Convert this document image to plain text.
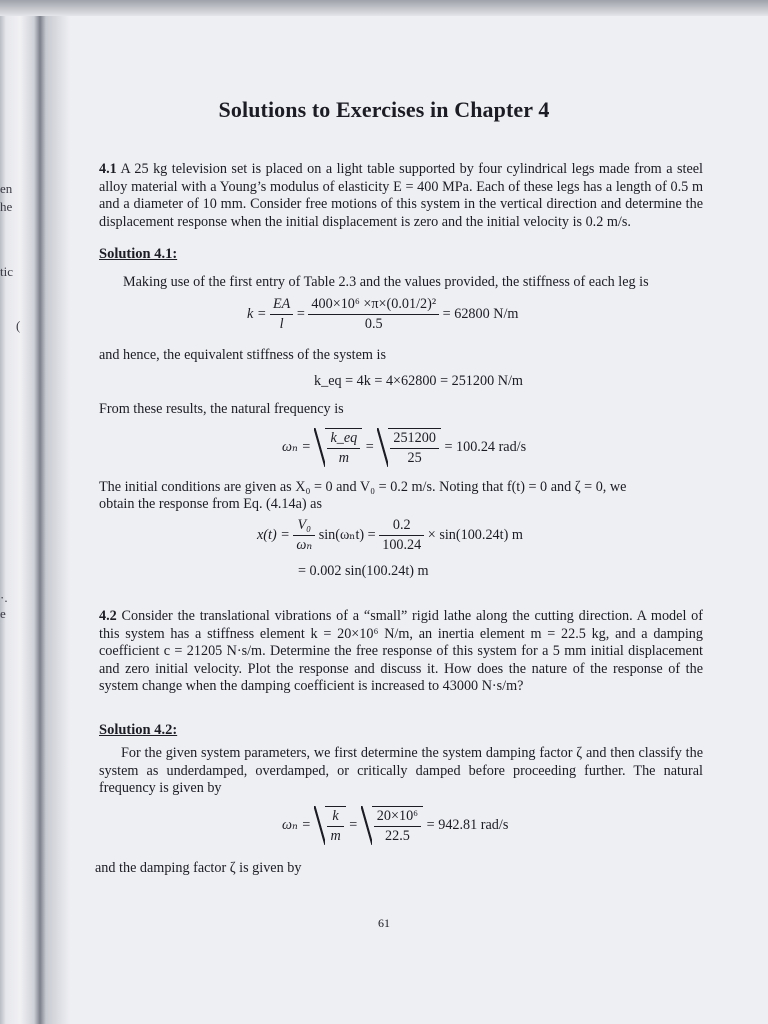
en
he
tic
(
·.
e
Solutions to Exercises in Chapter 4

4.1 A 25 kg television set is placed on a light table supported by four cylindrical legs made from a steel alloy material with a Young’s modulus of elasticity E = 400 MPa. Each of these legs has a length of 0.5 m and a diameter of 10 mm. Consider free motions of this system in the vertical direction and determine the displacement response when the initial displacement is zero and the initial velocity is 0.2 m/s.

Solution 4.1:
Making use of the first entry of Table 2.3 and the values provided, the stiffness of each leg is
$k = \frac{EA}{l} = \frac{\text{400×10⁶ ×π×(0.01/2)²}}{0.5} = 62800$ N/m
and hence, the equivalent stiffness of the system is
k_eq = 4k = 4×62800 = 251200 N/m
From these results, the natural frequency is
$\omega_n = \frac{k\_eq}{m} = \frac{251200}{25} = 100.24$ rad/s
The initial conditions are given as X₀ = 0 and V₀ = 0.2 m/s. Noting that f(t) = 0 and ζ = 0, we
obtain the response from Eq. (4.14a) as
$x(t) = \frac{\text{V₀}}{\text{ωₙ}} \sin(\omega_nt) = \frac{0.2}{100.24} \times \sin(100.24t)$ m
= 0.002 sin(100.24t) m

4.2 Consider the translational vibrations of a “small” rigid lathe along the cutting direction. A model of this system has a stiffness element k = 20×10⁶ N/m, an inertia element m = 22.5 kg, and a damping coefficient c = 21205 N·s/m. Determine the free response of this system for a 5 mm initial displacement and zero initial velocity. Plot the response and discuss it. How does the nature of the response of the system change when the damping coefficient is increased to 43000 N·s/m?

Solution 4.2:

For the given system parameters, we first determine the system damping factor ζ and then classify the system as underdamped, overdamped, or critically damped before proceeding further. The natural frequency is given by

$\omega_n = \frac{k}{m} = \frac{\text{20×10⁶}}{22.5} = 942.81$ rad/s
and the damping factor ζ is given by
61
